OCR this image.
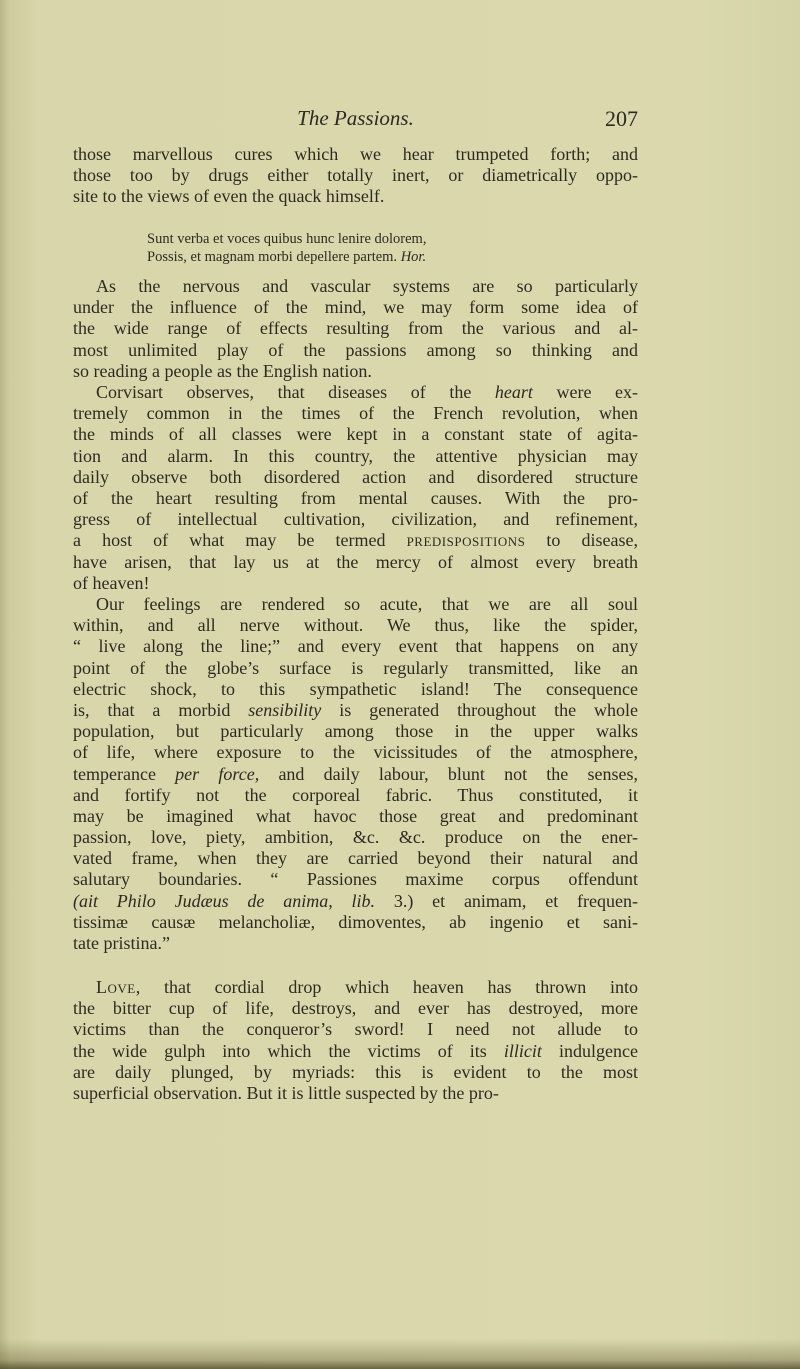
The Passions.	207
those marvellous cures which we hear trumpeted forth; and
those too by drugs either totally inert, or diametrically oppo-
site to the views of even the quack himself.
Sunt verba et voces quibus hunc lenire dolorem,
Possis, et magnam morbi depellere partem. Hor.
As the nervous and vascular systems are so particularly
under the influence of the mind, we may form some idea of
the wide range of effects resulting from the various and al-
most unlimited play of the passions among so thinking and
so reading a people as the English nation.
Corvisart observes, that diseases of the heart were ex-
tremely common in the times of the French revolution, when
the minds of all classes were kept in a constant state of agita-
tion and alarm. In this country, the attentive physician may
daily observe both disordered action and disordered structure
of the heart resulting from mental causes. With the pro-
gress of intellectual cultivation, civilization, and refinement,
a host of what may be termed predispositions to disease,
have arisen, that lay us at the mercy of almost every breath
of heaven!
Our feelings are rendered so acute, that we are all soul
within, and all nerve without. We thus, like the spider,
“ live along the line;” and every event that happens on any
point of the globe’s surface is regularly transmitted, like an
electric shock, to this sympathetic island! The consequence
is, that a morbid sensibility is generated throughout the whole
population, but particularly among those in the upper walks
of life, where exposure to the vicissitudes of the atmosphere,
temperance per force, and daily labour, blunt not the senses,
and fortify not the corporeal fabric. Thus constituted, it
may be imagined what havoc those great and predominant
passion, love, piety, ambition, &c. &c. produce on the ener-
vated frame, when they are carried beyond their natural and
salutary boundaries. “ Passiones maxime corpus offendunt
(ait Philo Judæus de anima, lib. 3.) et animam, et frequen-
tissimæ causæ melancholiæ, dimoventes, ab ingenio et sani-
tate pristina.”
Love, that cordial drop which heaven has thrown into
the bitter cup of life, destroys, and ever has destroyed, more
victims than the conqueror’s sword! I need not allude to
the wide gulph into which the victims of its illicit indulgence
are daily plunged, by myriads: this is evident to the most
superficial observation. But it is little suspected by the pro-
